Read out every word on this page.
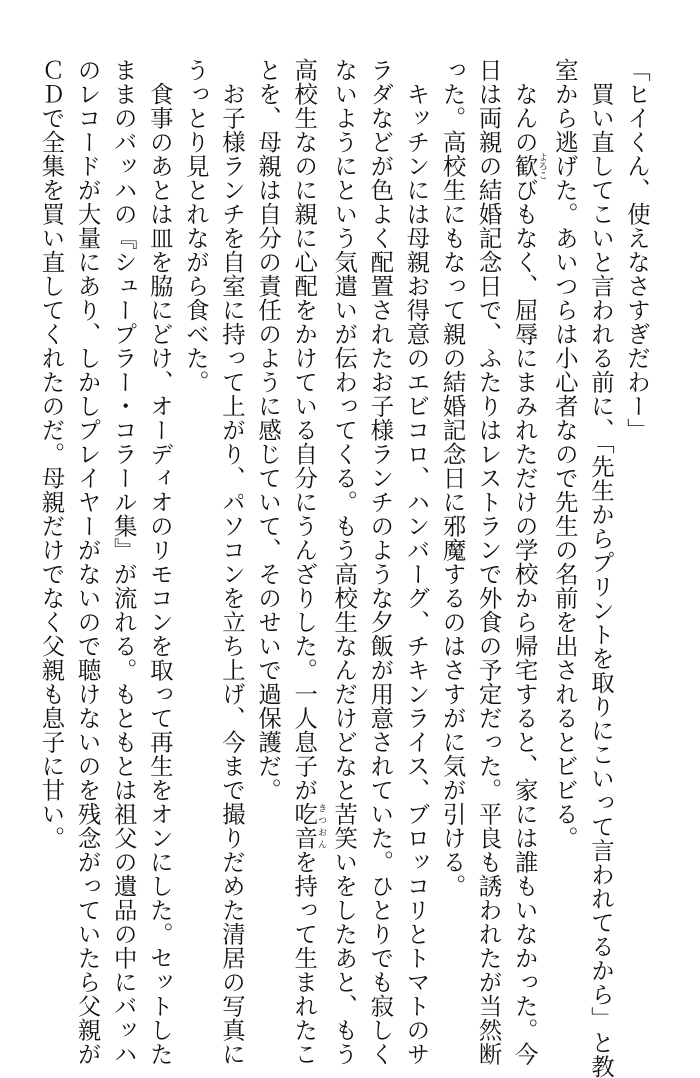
「ヒイくん、使えなさすぎだわー」
　買い直してこいと言われる前に、「先生からプリントを取りにこいって言われてるから」と教
室から逃げた。あいつらは小心者なので先生の名前を出されるとビビる。
　なんの歓よろこびもなく、屈辱にまみれただけの学校から帰宅すると、家には誰もいなかった。今
日は両親の結婚記念日で、ふたりはレストランで外食の予定だった。平良も誘われたが当然断
った。高校生にもなって親の結婚記念日に邪魔するのはさすがに気が引ける。
　キッチンには母親お得意のエビコロ、ハンバーグ、チキンライス、ブロッコリとトマトのサ
ラダなどが色よく配置されたお子様ランチのような夕飯が用意されていた。ひとりでも寂しく
ないようにという気遣いが伝わってくる。もう高校生なんだけどなと苦笑いをしたあと、もう
高校生なのに親に心配をかけている自分にうんざりした。一人息子が吃音きつおんを持って生まれたこ
とを、母親は自分の責任のように感じていて、そのせいで過保護だ。
　お子様ランチを自室に持って上がり、パソコンを立ち上げ、今まで撮りだめた清居の写真に
うっとり見とれながら食べた。
　食事のあとは皿を脇にどけ、オーディオのリモコンを取って再生をオンにした。セットした
ままのバッハの『シュープラー・コラール集』が流れる。もともとは祖父の遺品の中にバッハ
のレコードが大量にあり、しかしプレイヤーがないので聴けないのを残念がっていたら父親が
ＣＤで全集を買い直してくれたのだ。母親だけでなく父親も息子に甘い。
